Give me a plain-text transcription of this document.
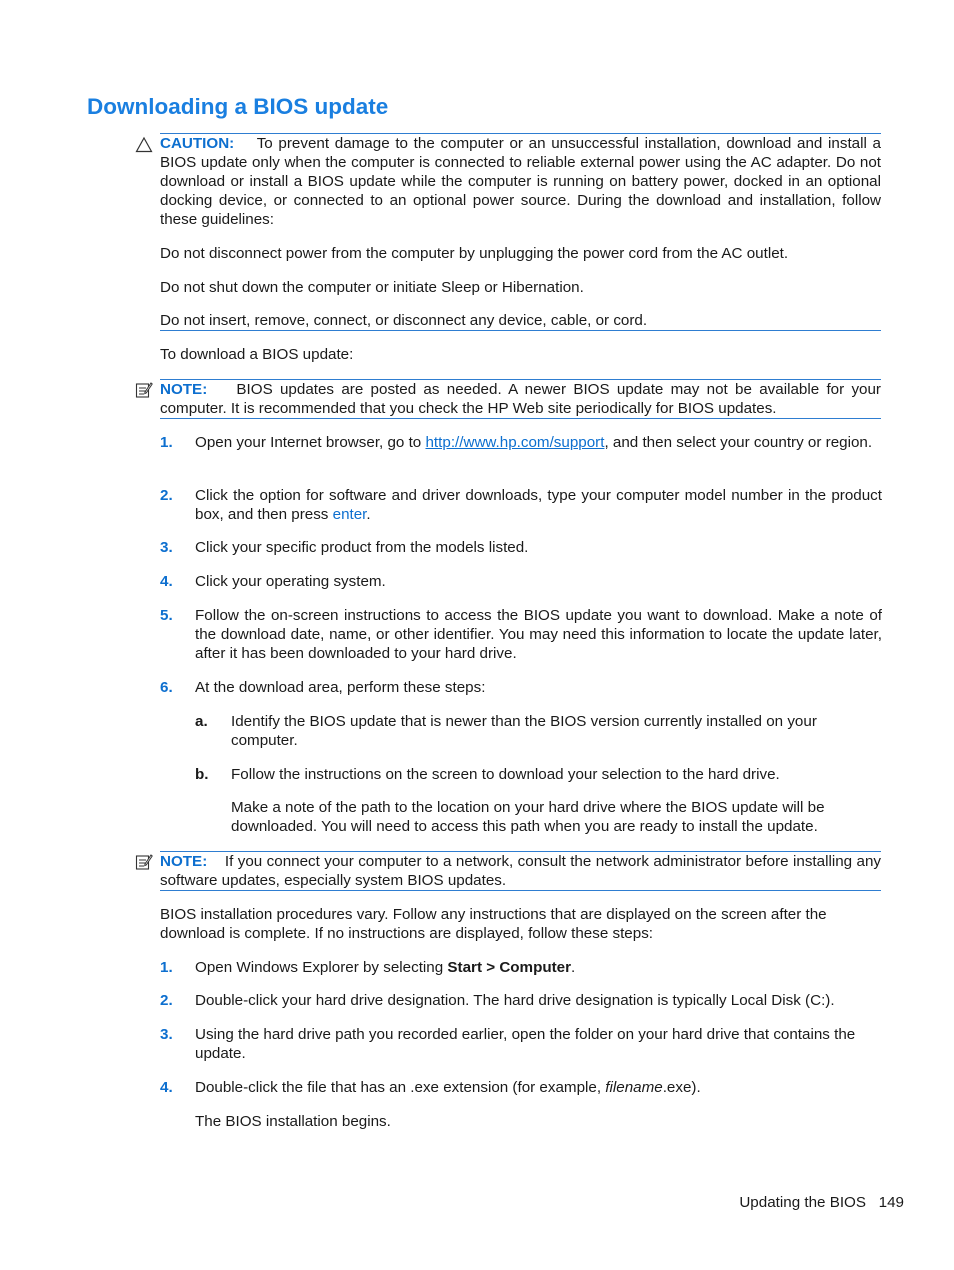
Downloading a BIOS update

CAUTION: To prevent damage to the computer or an unsuccessful installation, download and install a BIOS update only when the computer is connected to reliable external power using the AC adapter. Do not download or install a BIOS update while the computer is running on battery power, docked in an optional docking device, or connected to an optional power source. During the download and installation, follow these guidelines:

Do not disconnect power from the computer by unplugging the power cord from the AC outlet.

Do not shut down the computer or initiate Sleep or Hibernation.

Do not insert, remove, connect, or disconnect any device, cable, or cord.

To download a BIOS update:

NOTE: BIOS updates are posted as needed. A newer BIOS update may not be available for your computer. It is recommended that you check the HP Web site periodically for BIOS updates.

1.	Open your Internet browser, go to http://www.hp.com/support, and then select your country or region.

2.	Click the option for software and driver downloads, type your computer model number in the product box, and then press enter.

3.	Click your specific product from the models listed.

4.	Click your operating system.

5.	Follow the on-screen instructions to access the BIOS update you want to download. Make a note of the download date, name, or other identifier. You may need this information to locate the update later, after it has been downloaded to your hard drive.

6.	At the download area, perform these steps:

a.	Identify the BIOS update that is newer than the BIOS version currently installed on your computer.

b.	Follow the instructions on the screen to download your selection to the hard drive.

Make a note of the path to the location on your hard drive where the BIOS update will be downloaded. You will need to access this path when you are ready to install the update.

NOTE: If you connect your computer to a network, consult the network administrator before installing any software updates, especially system BIOS updates.

BIOS installation procedures vary. Follow any instructions that are displayed on the screen after the download is complete. If no instructions are displayed, follow these steps:

1.	Open Windows Explorer by selecting Start > Computer.

2.	Double-click your hard drive designation. The hard drive designation is typically Local Disk (C:).

3.	Using the hard drive path you recorded earlier, open the folder on your hard drive that contains the update.

4.	Double-click the file that has an .exe extension (for example, filename.exe).

The BIOS installation begins.

Updating the BIOS 149
